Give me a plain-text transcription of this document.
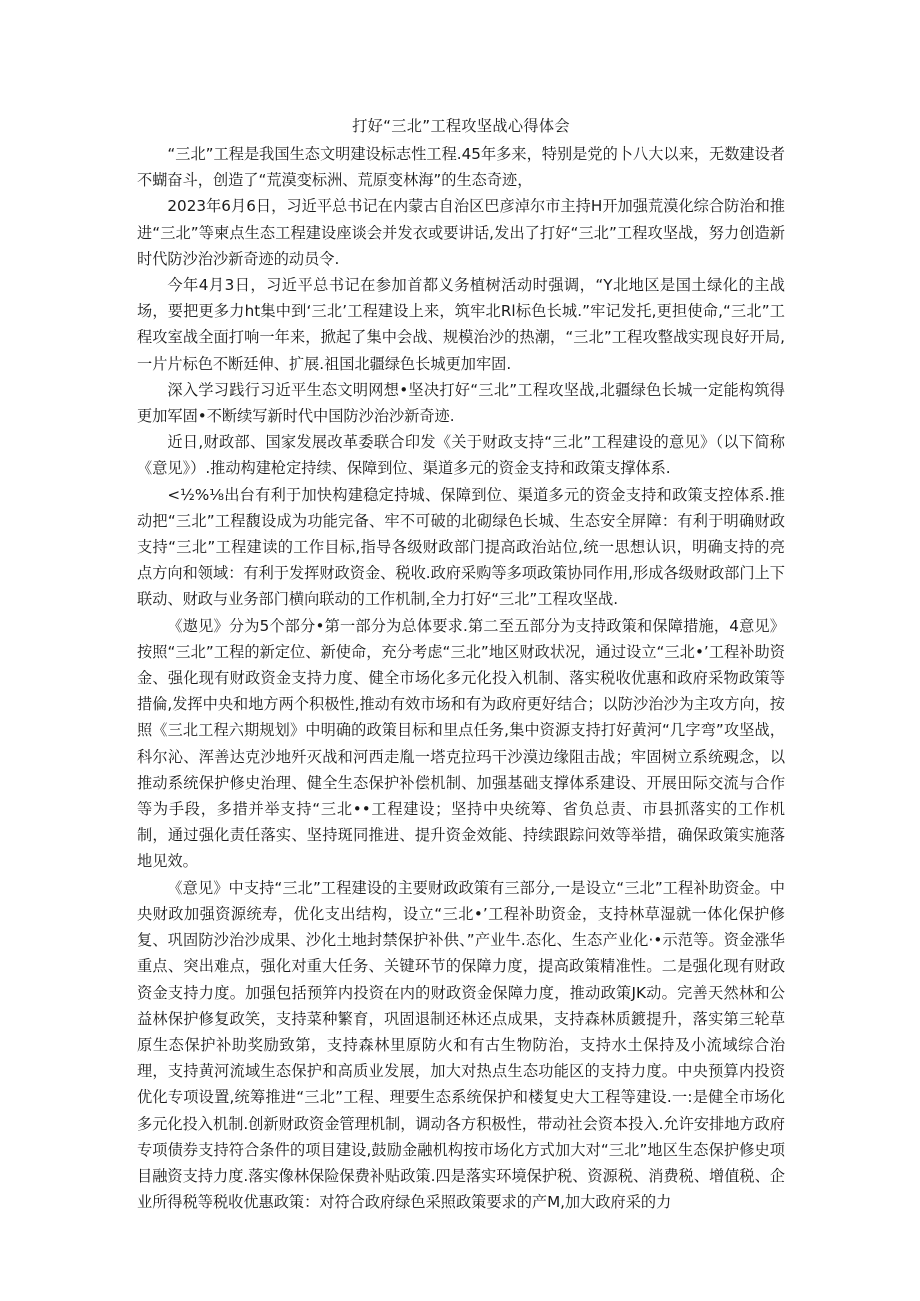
打好“三北”工程攻坚战心得体会

“三北”工程是我国生态文明建设标志性工程.45年多来，特别是党的卜八大以来，无数建设者不蝴奋斗，创造了“荒漠变标洲、荒原变林海”的生态奇迹，

2023年6月6日，习近平总书记在内蒙古自治区巴彦淖尔市主持H开加强荒漠化综合防治和推进“三北”等柬点生态工程建设座谈会并发衣或要讲话,发出了打好“三北”工程攻坚战，努力创造新时代防沙治沙新奇迹的动员令.

今年4月3日，习近平总书记在参加首都义务植树活动时强调，“Y北地区是国土绿化的主战场，要把更多力ht集中到‘三北’工程建设上来，筑牢北Rl标色长城.”牢记发托,更担使命,“三北”工程攻室战全面打响一年来，掀起了集中会战、规模治沙的热潮，“三北”工程攻整战实现良好开局,一片片标色不断廷伸、扩展.祖国北疆绿色长城更加牢固.

深入学习践行习近平生态文明网想•坚决打好“三北”工程攻坚战,北疆绿色长城一定能构筑得更加军固•不断续写新时代中国防沙治沙新奇迹.

近日,财政部、国家发展改革委联合印发《关于财政支持“三北”工程建设的意见》（以下简称《意见》）.推动构建枪定持续、保障到位、渠道多元的资金支持和政策支撑体系.

<½%⅛出台有利于加快构建稳定持城、保障到位、渠道多元的资金支持和政策支控体系.推动把“三北”工程馥设成为功能完备、牢不可破的北砌绿色长城、生态安全屏障：有利于明确财政支持“三北”工程建读的工作目标,指导各级财政部门提高政治站位,统一思想认识，明确支持的亮点方向和领域：有利于发挥财政资金、税收.政府采购等多项政策协同作用,形成各级财政部门上下联动、财政与业务部门横向联动的工作机制,全力打好“三北”工程攻坚战.

《遨见》分为5个部分•第一部分为总体要求.第二至五部分为支持政策和保障措施，4意见》按照“三北”工程的新定位、新使命，充分考虑“三北”地区财政状况，通过设立“三北•’工程补助资金、强化现有财政资金支持力度、健全市场化多元化投入机制、落实税收优惠和政府采物政策等措倫,发挥中央和地方两个积极性,推动有效市场和有为政府更好结合；以防沙治沙为主攻方向，按照《三北工程六期规划》中明确的政策目标和里点任务,集中资源支持打好黄河“几字弯”攻坚战，科尔沁、浑善达克沙地歼灭战和河西走胤一塔克拉玛干沙漠边缘阻击战；牢固树立系统覡念，以推动系统保护修史治理、健全生态保护补偿机制、加强基础支撑体系建设、开展田际交流与合作等为手段，多措并举支持“三北••工程建设；坚持中央统筹、省负总责、市县抓落实的工作机制，通过强化责任落实、坚持斑同推进、提升资金效能、持续跟踪问效等举措，确保政策实施落地见效。

《意见》中支持“三北”工程建设的主要财政政策有三部分,一是设立“三北”工程补助资金。中央财政加强资源统寿，优化支出结构，设立“三北•’工程补助资金，支持林草湿就一体化保护修复、巩固防沙治沙成果、沙化土地封禁保护补供、”产业牛.态化、生态产业化·•示范等。资金涨华重点、突出难点，强化对重大任务、关键环节的保障力度，提高政策精准性。二是强化现有财政资金支持力度。加强包括预笄内投资在内的财政资金保障力度，推动政策JK动。完善天然林和公益林保护修复政笑，支持菜种繁育，巩固退制还林还点成果，支持森林质鍍提升，落实第三轮草原生态保护补助奖励致第，支持森林里原防火和有古生物防治，支持水土保持及小流域综合治理，支持黄河流域生态保护和高质业发展，加大对热点生态功能区的支持力度。中央预算内投资优化专项设置,统筹推进“三北”工程、理要生态系统保护和楼复史大工程等建设.一:是健全市场化多元化投入机制.创新财政资金管理机制，调动各方积极性，带动社会资本投入.允许安排地方政府专项债券支持符合条件的项目建设,鼓励金融机构按市场化方式加大对“三北”地区生态保护修史项目融资支持力度.落实像林保险保费补贴政策.四是落实环境保护税、资源税、消费税、增值税、企业所得税等税收优惠政策：对符合政府绿色采照政策要求的产M,加大政府采的力
